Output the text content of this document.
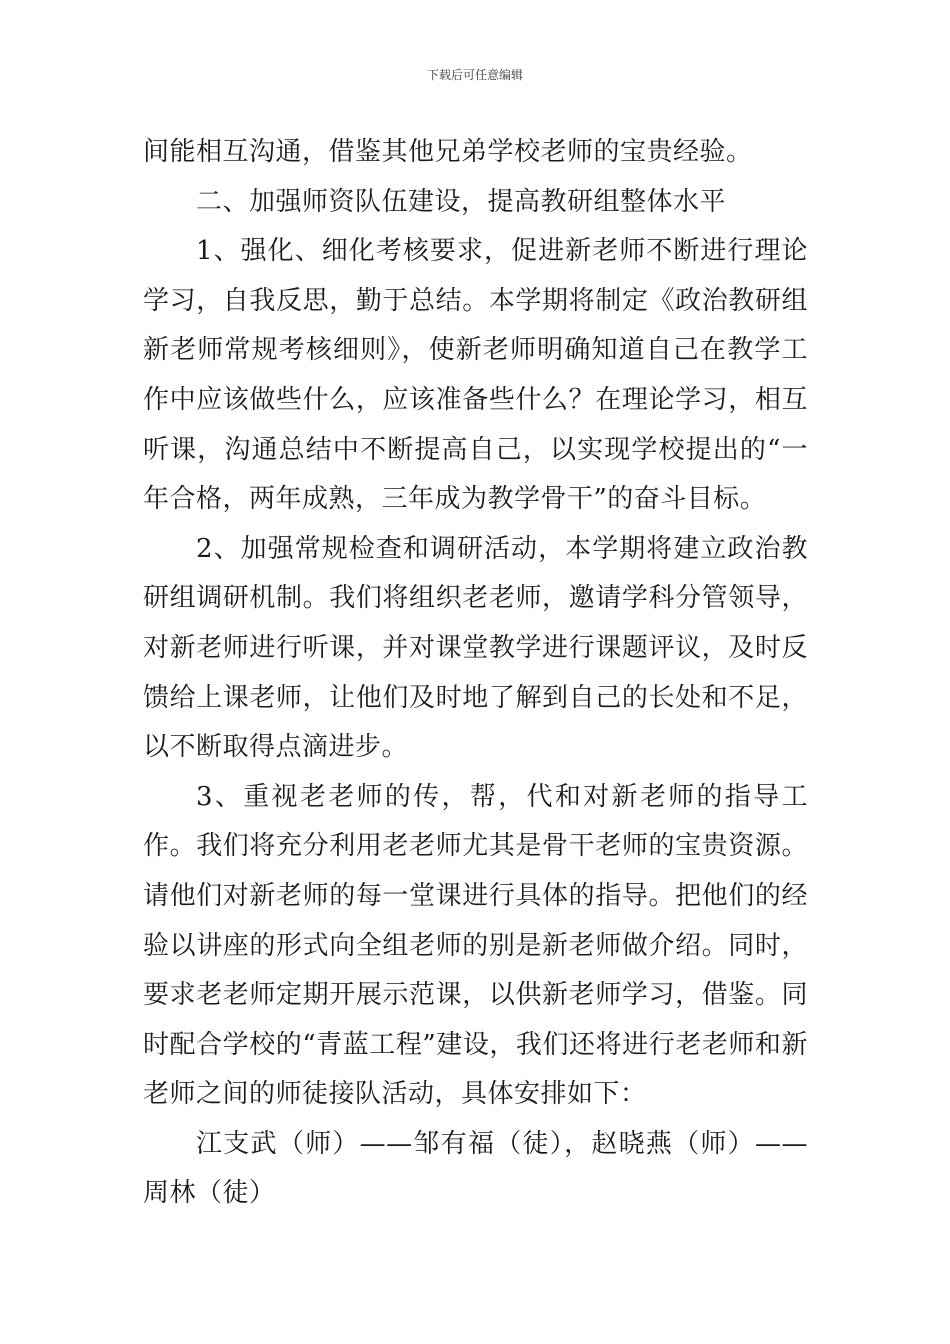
下载后可任意编辑

间能相互沟通，借鉴其他兄弟学校老师的宝贵经验。

二、加强师资队伍建设，提高教研组整体水平

1、强化、细化考核要求，促进新老师不断进行理论学习，自我反思，勤于总结。本学期将制定《政治教研组新老师常规考核细则》，使新老师明确知道自己在教学工作中应该做些什么，应该准备些什么？在理论学习，相互听课，沟通总结中不断提高自己，以实现学校提出的“一年合格，两年成熟，三年成为教学骨干”的奋斗目标。

2、加强常规检查和调研活动，本学期将建立政治教研组调研机制。我们将组织老老师，邀请学科分管领导，对新老师进行听课，并对课堂教学进行课题评议，及时反馈给上课老师，让他们及时地了解到自己的长处和不足，以不断取得点滴进步。

3、重视老老师的传，帮，代和对新老师的指导工作。我们将充分利用老老师尤其是骨干老师的宝贵资源。请他们对新老师的每一堂课进行具体的指导。把他们的经验以讲座的形式向全组老师的别是新老师做介绍。同时，要求老老师定期开展示范课，以供新老师学习，借鉴。同时配合学校的“青蓝工程”建设，我们还将进行老老师和新老师之间的师徒接队活动，具体安排如下：

江支武（师）——邹有福（徒），赵晓燕（师）——周林（徒）
